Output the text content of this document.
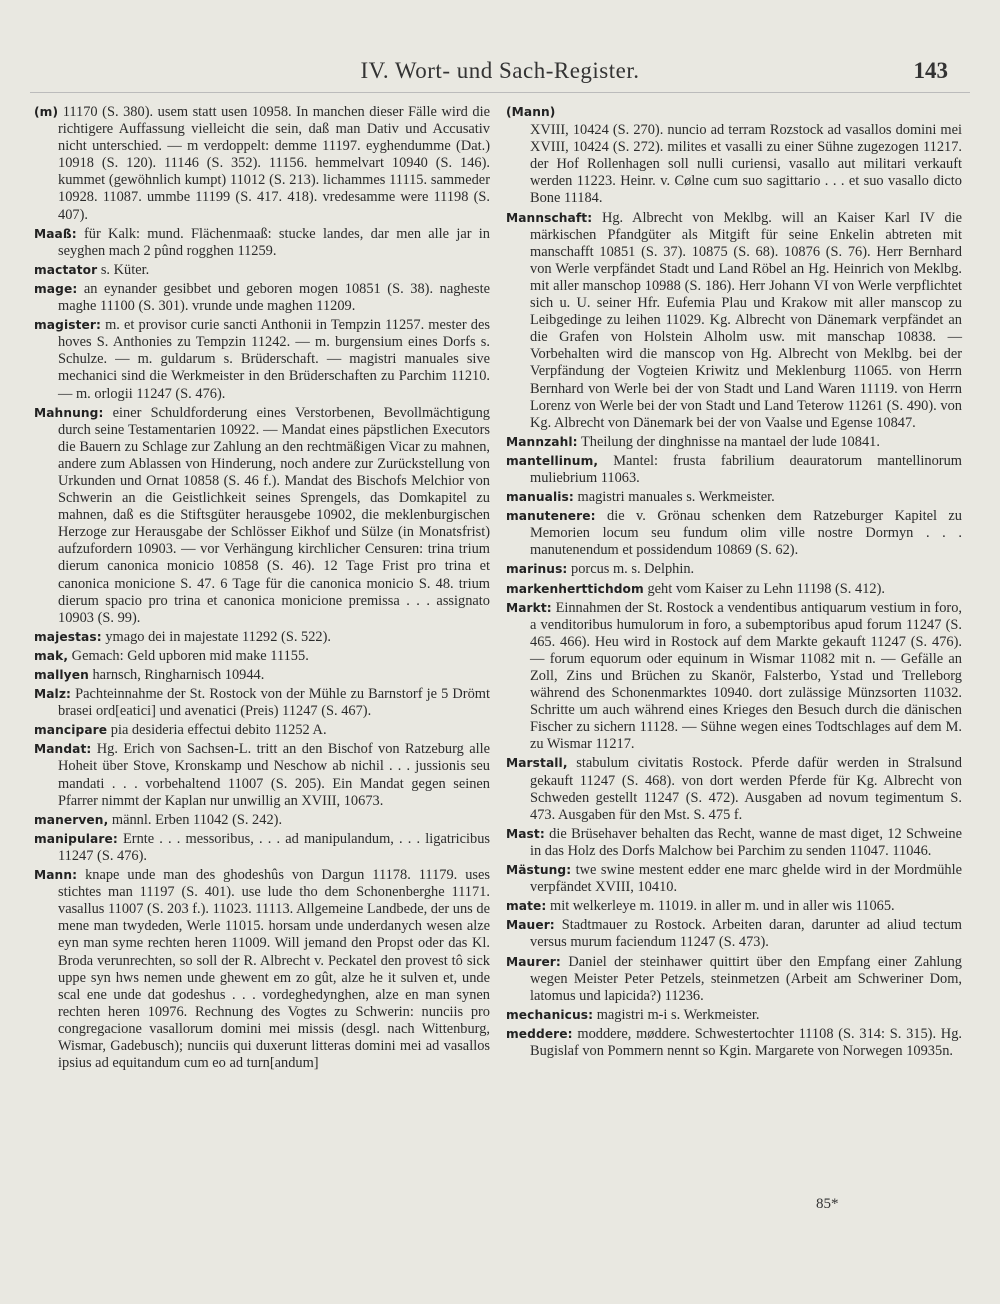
IV. Wort- und Sach-Register.	143

(m) 11170 (S. 380). usem statt usen 10958. In manchen dieser Fälle wird die richtigere Auffassung vielleicht die sein, daß man Dativ und Accusativ nicht unterschied. — m verdoppelt: demme 11197. eyghendumme (Dat.) 10918 (S. 120). 11146 (S. 352). 11156. hemmelvart 10940 (S. 146). kummet (gewöhnlich kumpt) 11012 (S. 213). lichammes 11115. sammeder 10928. 11087. ummbe 11199 (S. 417. 418). vredesamme were 11198 (S. 407).

Maaß: für Kalk: mund. Flächenmaaß: stucke landes, dar men alle jar in seyghen mach 2 pûnd rogghen 11259.

mactator s. Küter.

mage: an eynander gesibbet und geboren mogen 10851 (S. 38). nagheste maghe 11100 (S. 301). vrunde unde maghen 11209.

magister: m. et provisor curie sancti Anthonii in Tempzin 11257. mester des hoves S. Anthonies zu Tempzin 11242. — m. burgensium eines Dorfs s. Schulze. — m. guldarum s. Brüderschaft. — magistri manuales sive mechanici sind die Werkmeister in den Brüderschaften zu Parchim 11210. — m. orlogii 11247 (S. 476).

Mahnung: einer Schuldforderung eines Verstorbenen, Bevollmächtigung durch seine Testamentarien 10922. — Mandat eines päpstlichen Executors die Bauern zu Schlage zur Zahlung an den rechtmäßigen Vicar zu mahnen, andere zum Ablassen von Hinderung, noch andere zur Zurückstellung von Urkunden und Ornat 10858 (S. 46 f.). Mandat des Bischofs Melchior von Schwerin an die Geistlichkeit seines Sprengels, das Domkapitel zu mahnen, daß es die Stiftsgüter herausgebe 10902, die meklenburgischen Herzoge zur Herausgabe der Schlösser Eikhof und Sülze (in Monatsfrist) aufzufordern 10903. — vor Verhängung kirchlicher Censuren: trina trium dierum canonica monicio 10858 (S. 46). 12 Tage Frist pro trina et canonica monicione S. 47. 6 Tage für die canonica monicio S. 48. trium dierum spacio pro trina et canonica monicione premissa . . . assignato 10903 (S. 99).

majestas: ymago dei in majestate 11292 (S. 522).

mak, Gemach: Geld upboren mid make 11155.

mallyen harnsch, Ringharnisch 10944.

Malz: Pachteinnahme der St. Rostock von der Mühle zu Barnstorf je 5 Drömt brasei ord[eatici] und avenatici (Preis) 11247 (S. 467).

mancipare pia desideria effectui debito 11252 A.

Mandat: Hg. Erich von Sachsen-L. tritt an den Bischof von Ratzeburg alle Hoheit über Stove, Kronskamp und Neschow ab nichil . . . jussionis seu mandati . . . vorbehaltend 11007 (S. 205). Ein Mandat gegen seinen Pfarrer nimmt der Kaplan nur unwillig an XVIII, 10673.

manerven, männl. Erben 11042 (S. 242).

manipulare: Ernte . . . messoribus, . . . ad manipulandum, . . . ligatricibus 11247 (S. 476).

Mann: knape unde man des ghodeshûs von Dargun 11178. 11179. uses stichtes man 11197 (S. 401). use lude tho dem Schonenberghe 11171. vasallus 11007 (S. 203 f.). 11023. 11113. Allgemeine Landbede, der uns de mene man twydeden, Werle 11015. horsam unde underdanych wesen alze eyn man syme rechten heren 11009. Will jemand den Propst oder das Kl. Broda verunrechten, so soll der R. Albrecht v. Peckatel den provest tô sick uppe syn hws nemen unde ghewent em zo gût, alze he it sulven et, unde scal ene unde dat godeshus . . . vordeghedynghen, alze en man synen rechten heren 10976. Rechnung des Vogtes zu Schwerin: nunciis pro congregacione vasallorum domini mei missis (desgl. nach Wittenburg, Wismar, Gadebusch); nunciis qui duxerunt litteras domini mei ad vasallos ipsius ad equitandum cum eo ad turn[andum]

(Mann)
XVIII, 10424 (S. 270). nuncio ad terram Rozstock ad vasallos domini mei XVIII, 10424 (S. 272). milites et vasalli zu einer Sühne zugezogen 11217. der Hof Rollenhagen soll nulli curiensi, vasallo aut militari verkauft werden 11223. Heinr. v. Cølne cum suo sagittario . . . et suo vasallo dicto Bone 11184.

Mannschaft: Hg. Albrecht von Meklbg. will an Kaiser Karl IV die märkischen Pfandgüter als Mitgift für seine Enkelin abtreten mit manschafft 10851 (S. 37). 10875 (S. 68). 10876 (S. 76). Herr Bernhard von Werle verpfändet Stadt und Land Röbel an Hg. Heinrich von Meklbg. mit aller manschop 10988 (S. 186). Herr Johann VI von Werle verpflichtet sich u. U. seiner Hfr. Eufemia Plau und Krakow mit aller manscop zu Leibgedinge zu leihen 11029. Kg. Albrecht von Dänemark verpfändet an die Grafen von Holstein Alholm usw. mit manschap 10838. — Vorbehalten wird die manscop von Hg. Albrecht von Meklbg. bei der Verpfändung der Vogteien Kriwitz und Meklenburg 11065. von Herrn Bernhard von Werle bei der von Stadt und Land Waren 11119. von Herrn Lorenz von Werle bei der von Stadt und Land Teterow 11261 (S. 490). von Kg. Albrecht von Dänemark bei der von Vaalse und Egense 10847.

Mannzahl: Theilung der dinghnisse na mantael der lude 10841.

mantellinum, Mantel: frusta fabrilium deauratorum mantellinorum muliebrium 11063.

manualis: magistri manuales s. Werkmeister.

manutenere: die v. Grönau schenken dem Ratzeburger Kapitel zu Memorien locum seu fundum olim ville nostre Dormyn . . . manutenendum et possidendum 10869 (S. 62).

marinus: porcus m. s. Delphin.

markenherttichdom geht vom Kaiser zu Lehn 11198 (S. 412).

Markt: Einnahmen der St. Rostock a vendentibus antiquarum vestium in foro, a venditoribus humulorum in foro, a subemptoribus apud forum 11247 (S. 465. 466). Heu wird in Rostock auf dem Markte gekauft 11247 (S. 476). — forum equorum oder equinum in Wismar 11082 mit n. — Gefälle an Zoll, Zins und Brüchen zu Skanör, Falsterbo, Ystad und Trelleborg während des Schonenmarktes 10940. dort zulässige Münzsorten 11032. Schritte um auch während eines Krieges den Besuch durch die dänischen Fischer zu sichern 11128. — Sühne wegen eines Todtschlages auf dem M. zu Wismar 11217.

Marstall, stabulum civitatis Rostock. Pferde dafür werden in Stralsund gekauft 11247 (S. 468). von dort werden Pferde für Kg. Albrecht von Schweden gestellt 11247 (S. 472). Ausgaben ad novum tegimentum S. 473. Ausgaben für den Mst. S. 475 f.

Mast: die Brüsehaver behalten das Recht, wanne de mast diget, 12 Schweine in das Holz des Dorfs Malchow bei Parchim zu senden 11047. 11046.

Mästung: twe swine mestent edder ene marc ghelde wird in der Mordmühle verpfändet XVIII, 10410.

mate: mit welkerleye m. 11019. in aller m. und in aller wis 11065.

Mauer: Stadtmauer zu Rostock. Arbeiten daran, darunter ad aliud tectum versus murum faciendum 11247 (S. 473).

Maurer: Daniel der steinhawer quittirt über den Empfang einer Zahlung wegen Meister Peter Petzels, steinmetzen (Arbeit am Schweriner Dom, latomus und lapicida?) 11236.

mechanicus: magistri m-i s. Werkmeister.

meddere: moddere, møddere. Schwestertochter 11108 (S. 314: S. 315). Hg. Bugislaf von Pommern nennt so Kgin. Margarete von Norwegen 10935n.

85*
